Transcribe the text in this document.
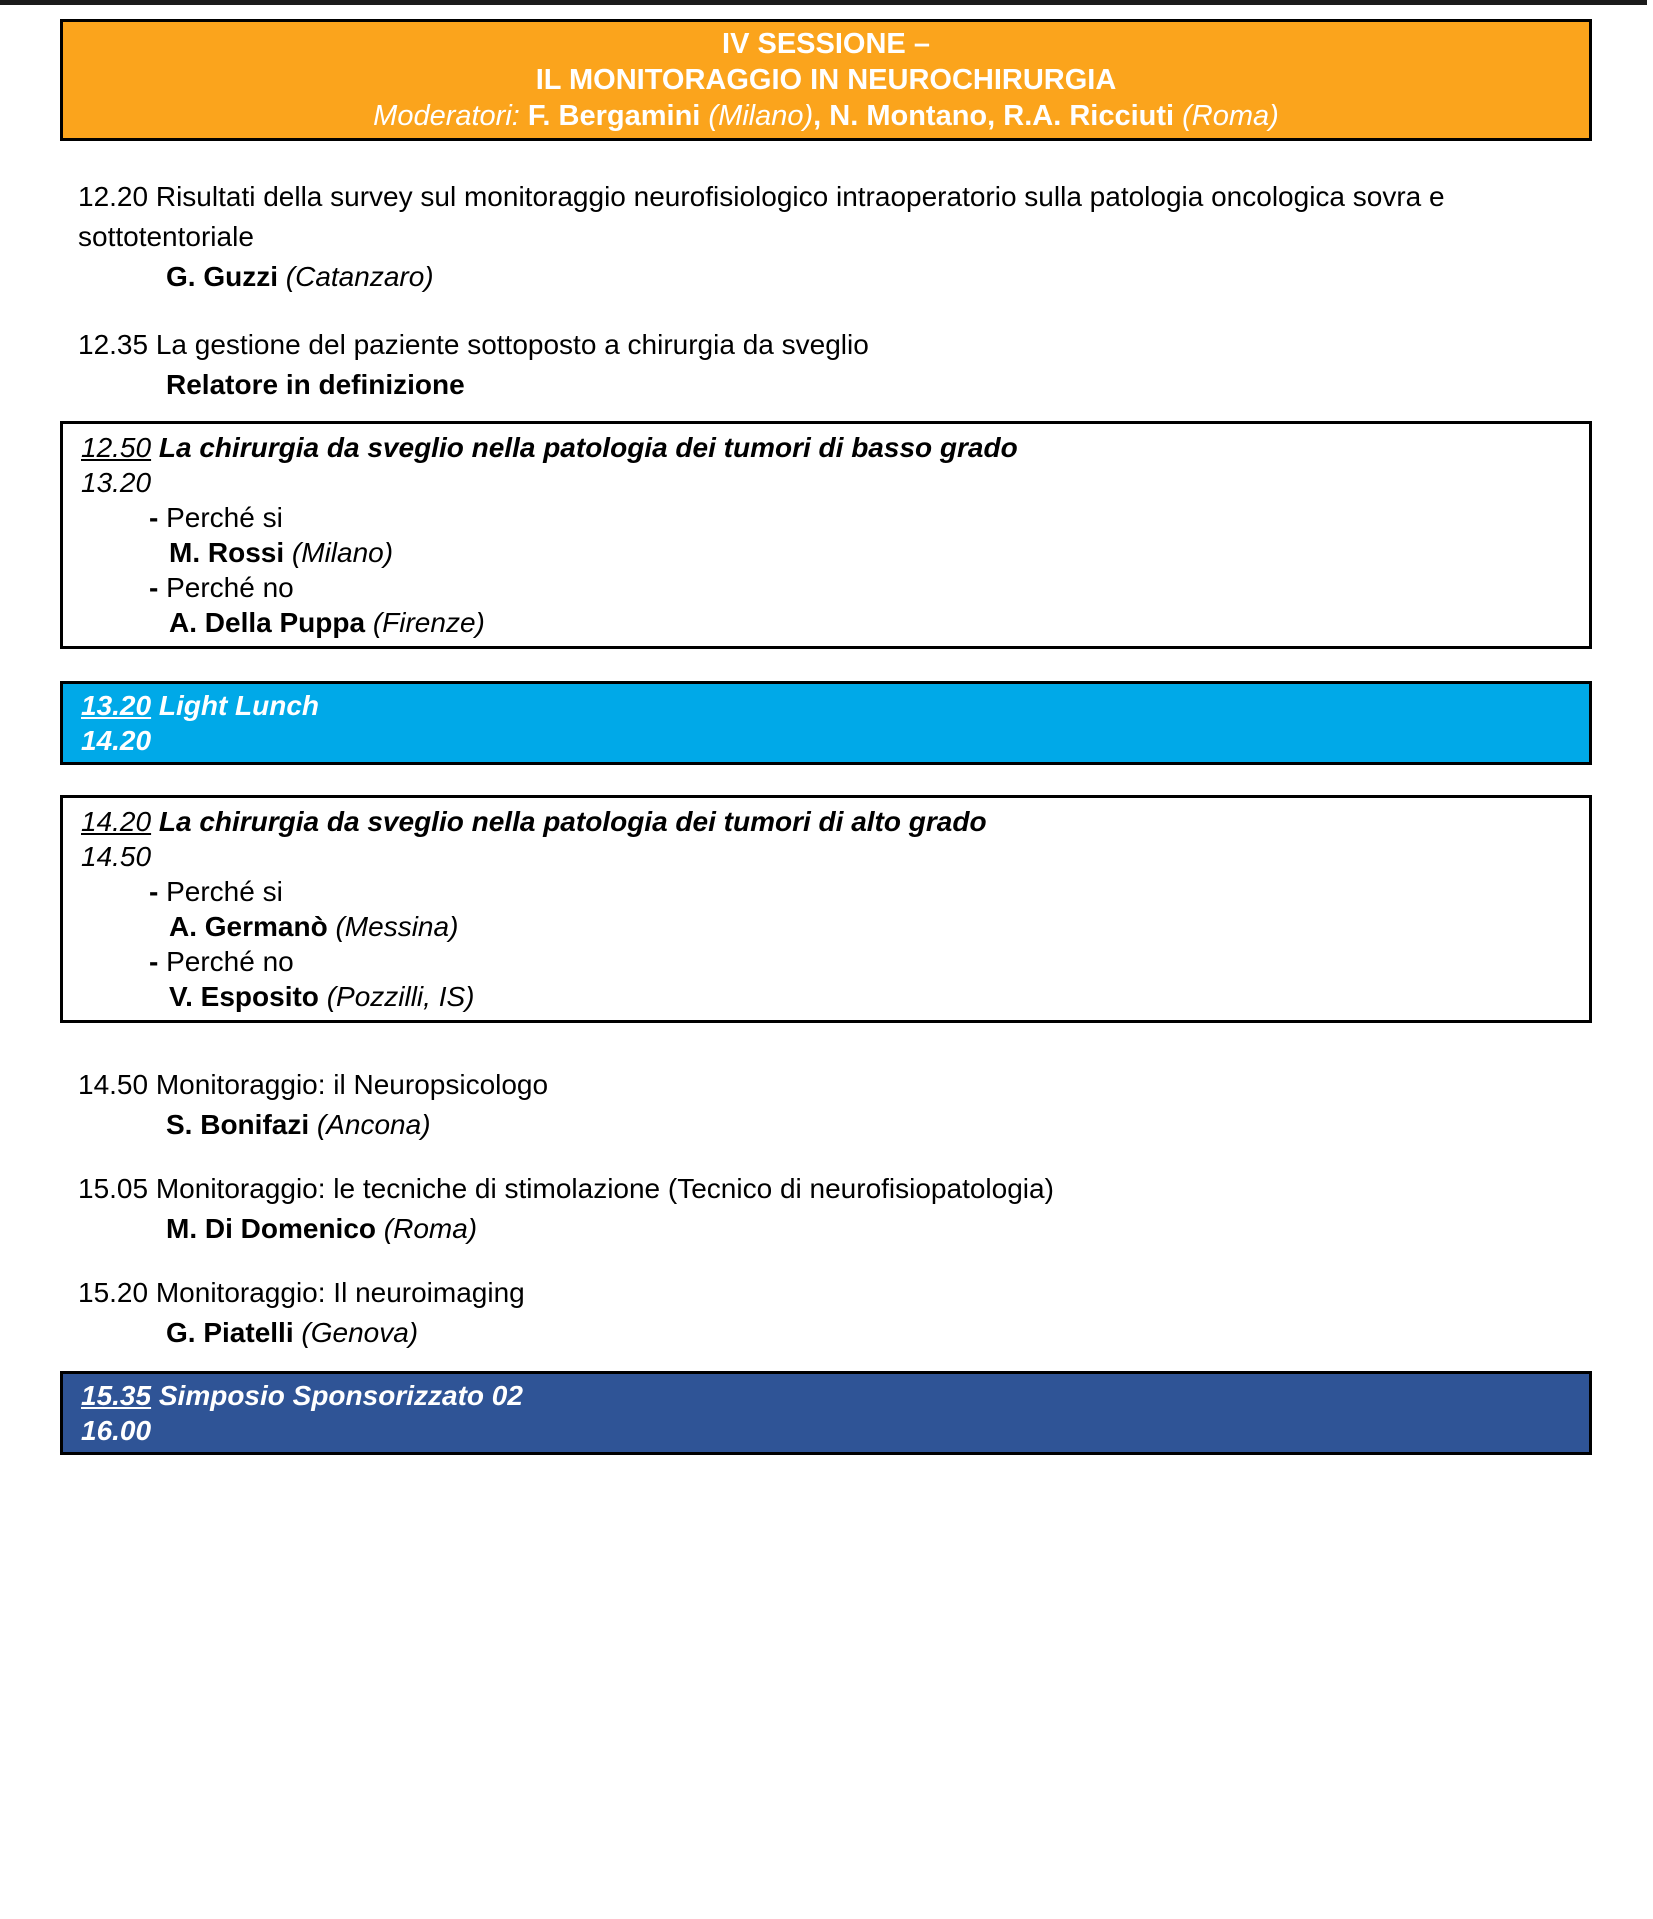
IV SESSIONE –
IL MONITORAGGIO IN NEUROCHIRURGIA
Moderatori: F. Bergamini (Milano), N. Montano, R.A. Ricciuti (Roma)

12.20 Risultati della survey sul monitoraggio neurofisiologico intraoperatorio sulla patologia oncologica sovra e sottotentoriale

G. Guzzi (Catanzaro)

12.35 La gestione del paziente sottoposto a chirurgia da sveglio

Relatore in definizione

12.50 La chirurgia da sveglio nella patologia dei tumori di basso grado

13.20

- Perché si

M. Rossi (Milano)

- Perché no

A. Della Puppa (Firenze)

13.20 Light Lunch

14.20

14.20 La chirurgia da sveglio nella patologia dei tumori di alto grado

14.50

- Perché si

A. Germanò (Messina)

- Perché no

V. Esposito (Pozzilli, IS)

14.50 Monitoraggio: il Neuropsicologo

S. Bonifazi (Ancona)

15.05 Monitoraggio: le tecniche di stimolazione (Tecnico di neurofisiopatologia)

M. Di Domenico (Roma)

15.20 Monitoraggio: Il neuroimaging

G. Piatelli (Genova)

15.35 Simposio Sponsorizzato 02

16.00
